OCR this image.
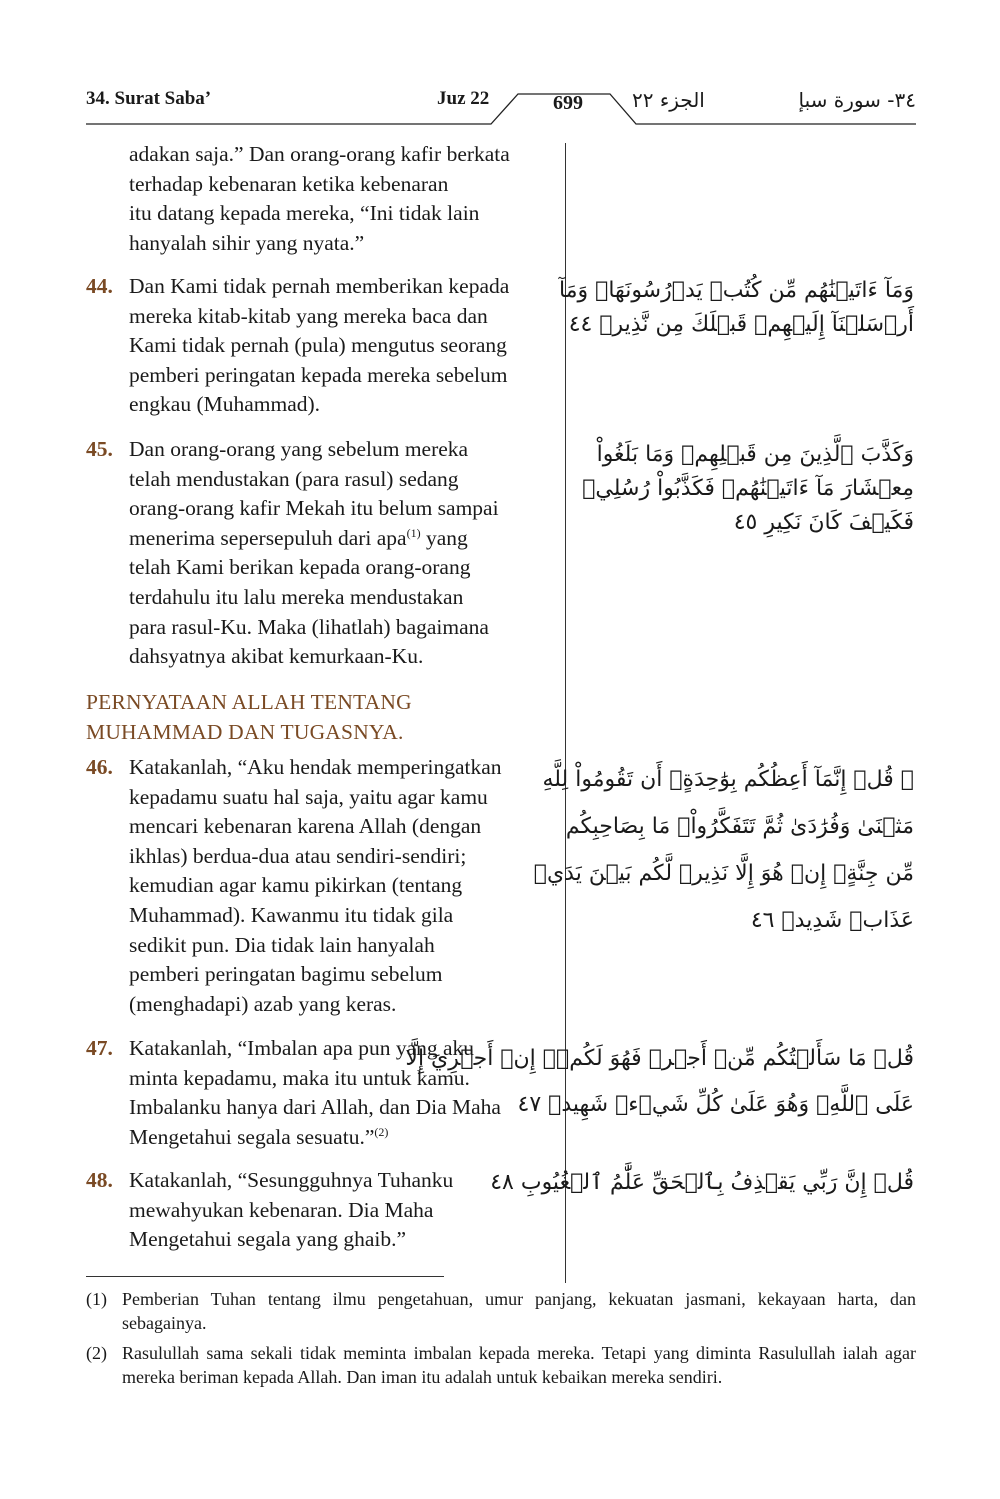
34. Surat Saba’	Juz 22	699	الجزء ٢٢	٣٤- سورة سبإ
adakan saja.” Dan orang-orang kafir berkata
terhadap kebenaran ketika kebenaran
itu datang kepada mereka, “Ini tidak lain
hanyalah sihir yang nyata.”
44. Dan Kami tidak pernah memberikan kepada
mereka kitab-kitab yang mereka baca dan
Kami tidak pernah (pula) mengutus seorang
pemberi peringatan kepada mereka sebelum
engkau (Muhammad).
وَمَآ ءَاتَيۡنَٰهُم مِّن كُتُبٖ يَدۡرُسُونَهَاۖ وَمَآ
أَرۡسَلۡنَآ إِلَيۡهِمۡ قَبۡلَكَ مِن نَّذِيرٖ ٤٤
45. Dan orang-orang yang sebelum mereka
telah mendustakan (para rasul) sedang
orang-orang kafir Mekah itu belum sampai
menerima sepersepuluh dari apa$^{(1)}$ yang
telah Kami berikan kepada orang-orang
terdahulu itu lalu mereka mendustakan
para rasul-Ku. Maka (lihatlah) bagaimana
dahsyatnya akibat kemurkaan-Ku.
وَكَذَّبَ ٱلَّذِينَ مِن قَبۡلِهِمۡ وَمَا بَلَغُواْ
مِعۡشَارَ مَآ ءَاتَيۡنَٰهُمۡ فَكَذَّبُواْ رُسُلِيۖ
فَكَيۡفَ كَانَ نَكِيرِ ٤٥
PERNYATAAN ALLAH TENTANG
MUHAMMAD DAN TUGASNYA.
46. Katakanlah, “Aku hendak memperingatkan
kepadamu suatu hal saja, yaitu agar kamu
mencari kebenaran karena Allah (dengan
ikhlas) berdua-dua atau sendiri-sendiri;
kemudian agar kamu pikirkan (tentang
Muhammad). Kawanmu itu tidak gila
sedikit pun. Dia tidak lain hanyalah
pemberi peringatan bagimu sebelum
(menghadapi) azab yang keras.
۞ قُلۡ إِنَّمَآ أَعِظُكُم بِوَٰحِدَةٍۖ أَن تَقُومُواْ لِلَّهِ
مَثۡنَىٰ وَفُرَٰدَىٰ ثُمَّ تَتَفَكَّرُواْۚ مَا بِصَاحِبِكُم
مِّن جِنَّةٍۚ إِنۡ هُوَ إِلَّا نَذِيرٞ لَّكُم بَيۡنَ يَدَيۡ
عَذَابٖ شَدِيدٖ ٤٦
47. Katakanlah, “Imbalan apa pun yang aku
minta kepadamu, maka itu untuk kamu.
Imbalanku hanya dari Allah, dan Dia Maha
Mengetahui segala sesuatu.”$^{(2)}$
قُلۡ مَا سَأَلۡتُكُم مِّنۡ أَجۡرٖ فَهُوَ لَكُمۡۖ إِنۡ أَجۡرِيَ إِلَّا
عَلَى ٱللَّهِۖ وَهُوَ عَلَىٰ كُلِّ شَيۡءٖ شَهِيدٞ ٤٧
48. Katakanlah, “Sesungguhnya Tuhanku
mewahyukan kebenaran. Dia Maha
Mengetahui segala yang ghaib.”
قُلۡ إِنَّ رَبِّي يَقۡذِفُ بِٱلۡحَقِّ عَلَّٰمُ ٱلۡغُيُوبِ ٤٨
(1) Pemberian Tuhan tentang ilmu pengetahuan, umur panjang, kekuatan jasmani, kekayaan harta, dan sebagainya.
(2) Rasulullah sama sekali tidak meminta imbalan kepada mereka. Tetapi yang diminta Rasulullah ialah agar mereka beriman kepada Allah. Dan iman itu adalah untuk kebaikan mereka sendiri.
